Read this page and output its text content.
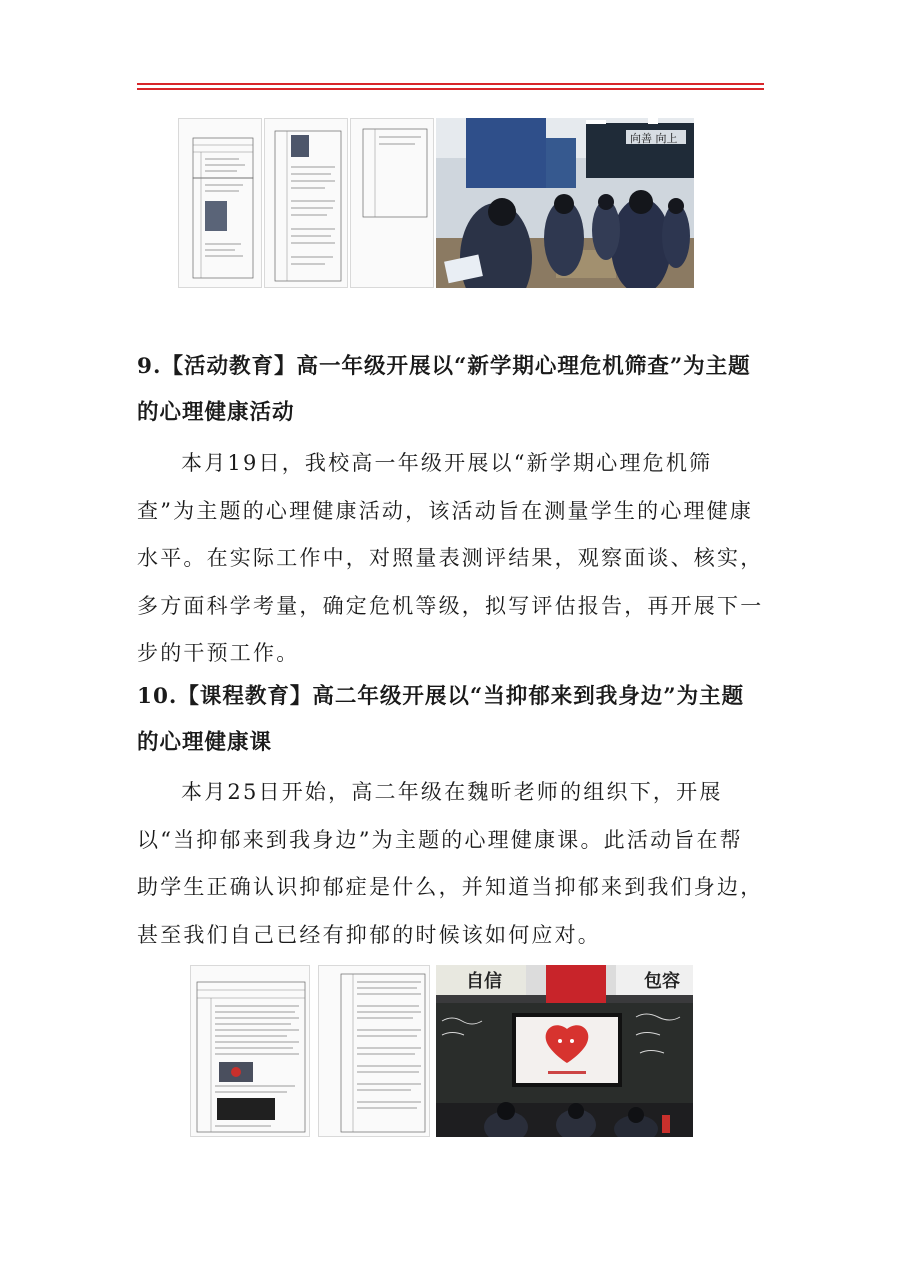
向善 向上

9.【活动教育】高一年级开展以“新学期心理危机筛查”为主题的心理健康活动

本月19日，我校高一年级开展以“新学期心理危机筛查”为主题的心理健康活动，该活动旨在测量学生的心理健康水平。在实际工作中，对照量表测评结果，观察面谈、核实，多方面科学考量，确定危机等级，拟写评估报告，再开展下一步的干预工作。

10.【课程教育】高二年级开展以“当抑郁来到我身边”为主题的心理健康课

本月25日开始，高二年级在魏昕老师的组织下，开展以“当抑郁来到我身边”为主题的心理健康课。此活动旨在帮助学生正确认识抑郁症是什么，并知道当抑郁来到我们身边，甚至我们自己已经有抑郁的时候该如何应对。

自信	包容
